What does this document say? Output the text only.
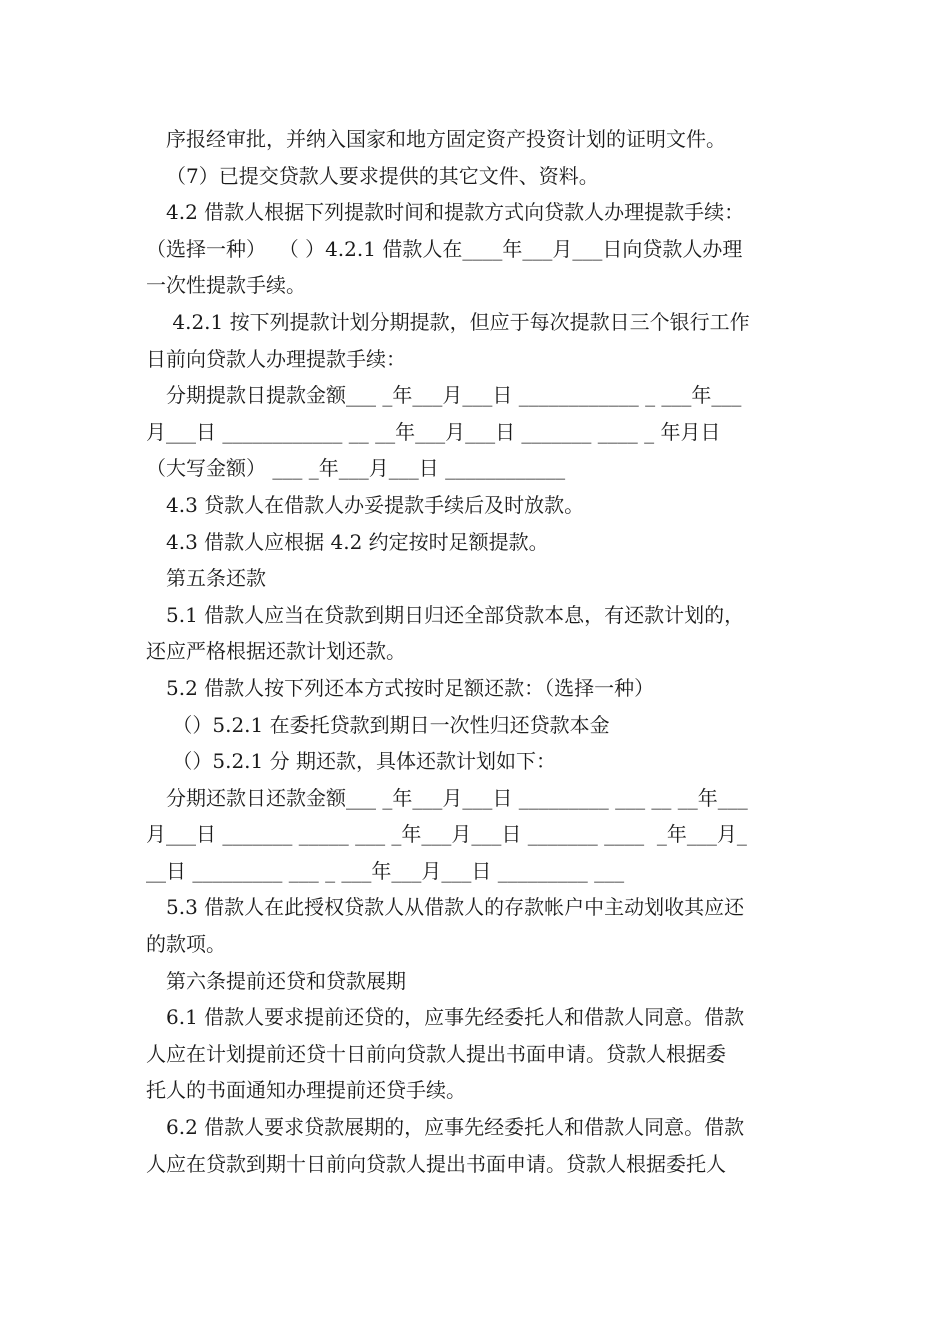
序报经审批，并纳入国家和地方固定资产投资计划的证明文件。
（7）已提交贷款人要求提供的其它文件、资料。
4.2 借款人根据下列提款时间和提款方式向贷款人办理提款手续：
（选择一种）  （ ）4.2.1 借款人在____年___月___日向贷款人办理
一次性提款手续。
4.2.1 按下列提款计划分期提款，但应于每次提款日三个银行工作
日前向贷款人办理提款手续：
分期提款日提款金额___ _年___月___日 ____________ _ ___年___
月___日 ____________ __ __年___月___日 _______ ____ _ 年月日
（大写金额） ___ _年___月___日 ____________
4.3 贷款人在借款人办妥提款手续后及时放款。
4.3 借款人应根据 4.2 约定按时足额提款。
第五条还款
5.1 借款人应当在贷款到期日归还全部贷款本息，有还款计划的，
还应严格根据还款计划还款。
5.2 借款人按下列还本方式按时足额还款：（选择一种）
（）5.2.1 在委托贷款到期日一次性归还贷款本金
（）5.2.1 分 期还款，具体还款计划如下：
分期还款日还款金额___ _年___月___日 _________ ___ __ __年___
月___日 _______ _____ ___ _年___月___日 _______ ____  _年___月_
__日 _________ ___ _ ___年___月___日 _________ ___
5.3 借款人在此授权贷款人从借款人的存款帐户中主动划收其应还
的款项。
第六条提前还贷和贷款展期
6.1 借款人要求提前还贷的，应事先经委托人和借款人同意。借款
人应在计划提前还贷十日前向贷款人提出书面申请。贷款人根据委
托人的书面通知办理提前还贷手续。
6.2 借款人要求贷款展期的，应事先经委托人和借款人同意。借款
人应在贷款到期十日前向贷款人提出书面申请。贷款人根据委托人
